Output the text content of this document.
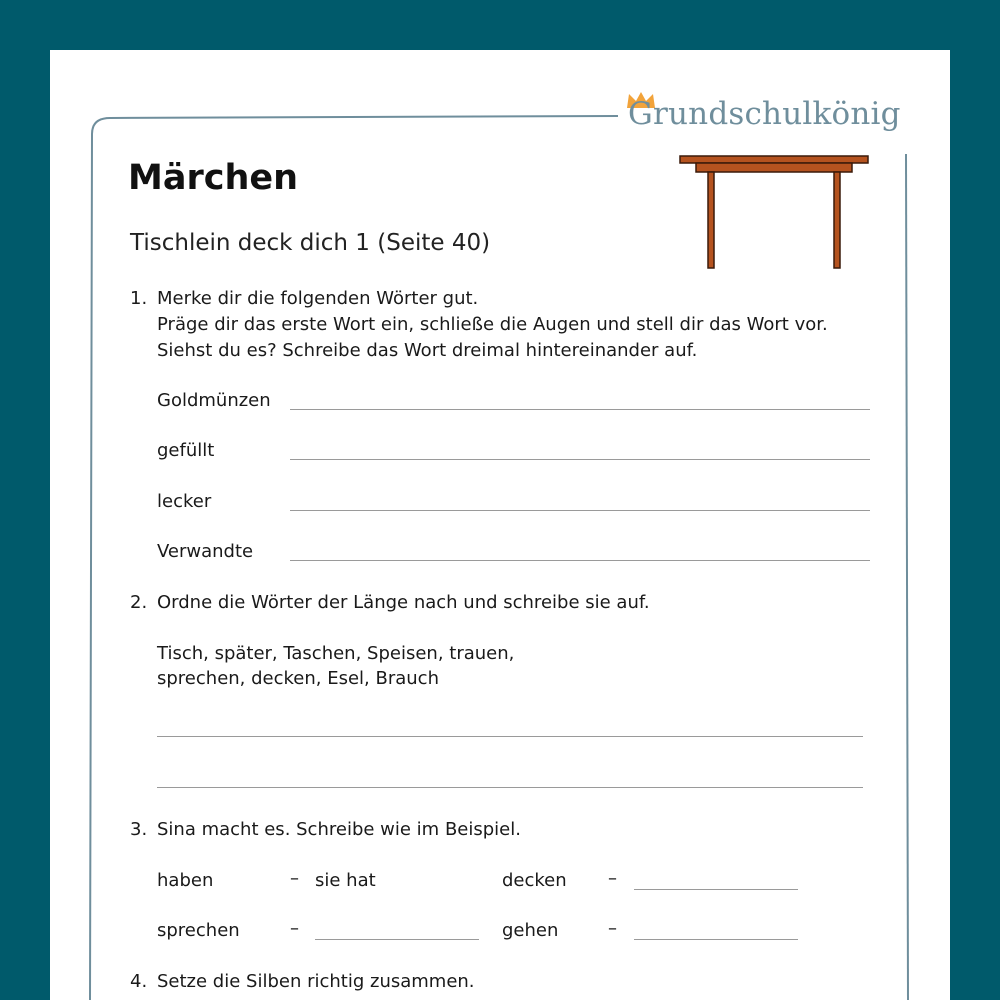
Grundschulkönig
Märchen
Tischlein deck dich 1 (Seite 40)
1. Merke dir die folgenden Wörter gut.
Präge dir das erste Wort ein, schließe die Augen und stell dir das Wort vor.
Siehst du es? Schreibe das Wort dreimal hintereinander auf.
Goldmünzen
gefüllt
lecker
Verwandte
2. Ordne die Wörter der Länge nach und schreibe sie auf.
Tisch, später, Taschen, Speisen, trauen,
sprechen, decken, Esel, Brauch
3. Sina macht es. Schreibe wie im Beispiel.
haben	– sie hat	decken –
sprechen	–	gehen	–
4. Setze die Silben richtig zusammen.
